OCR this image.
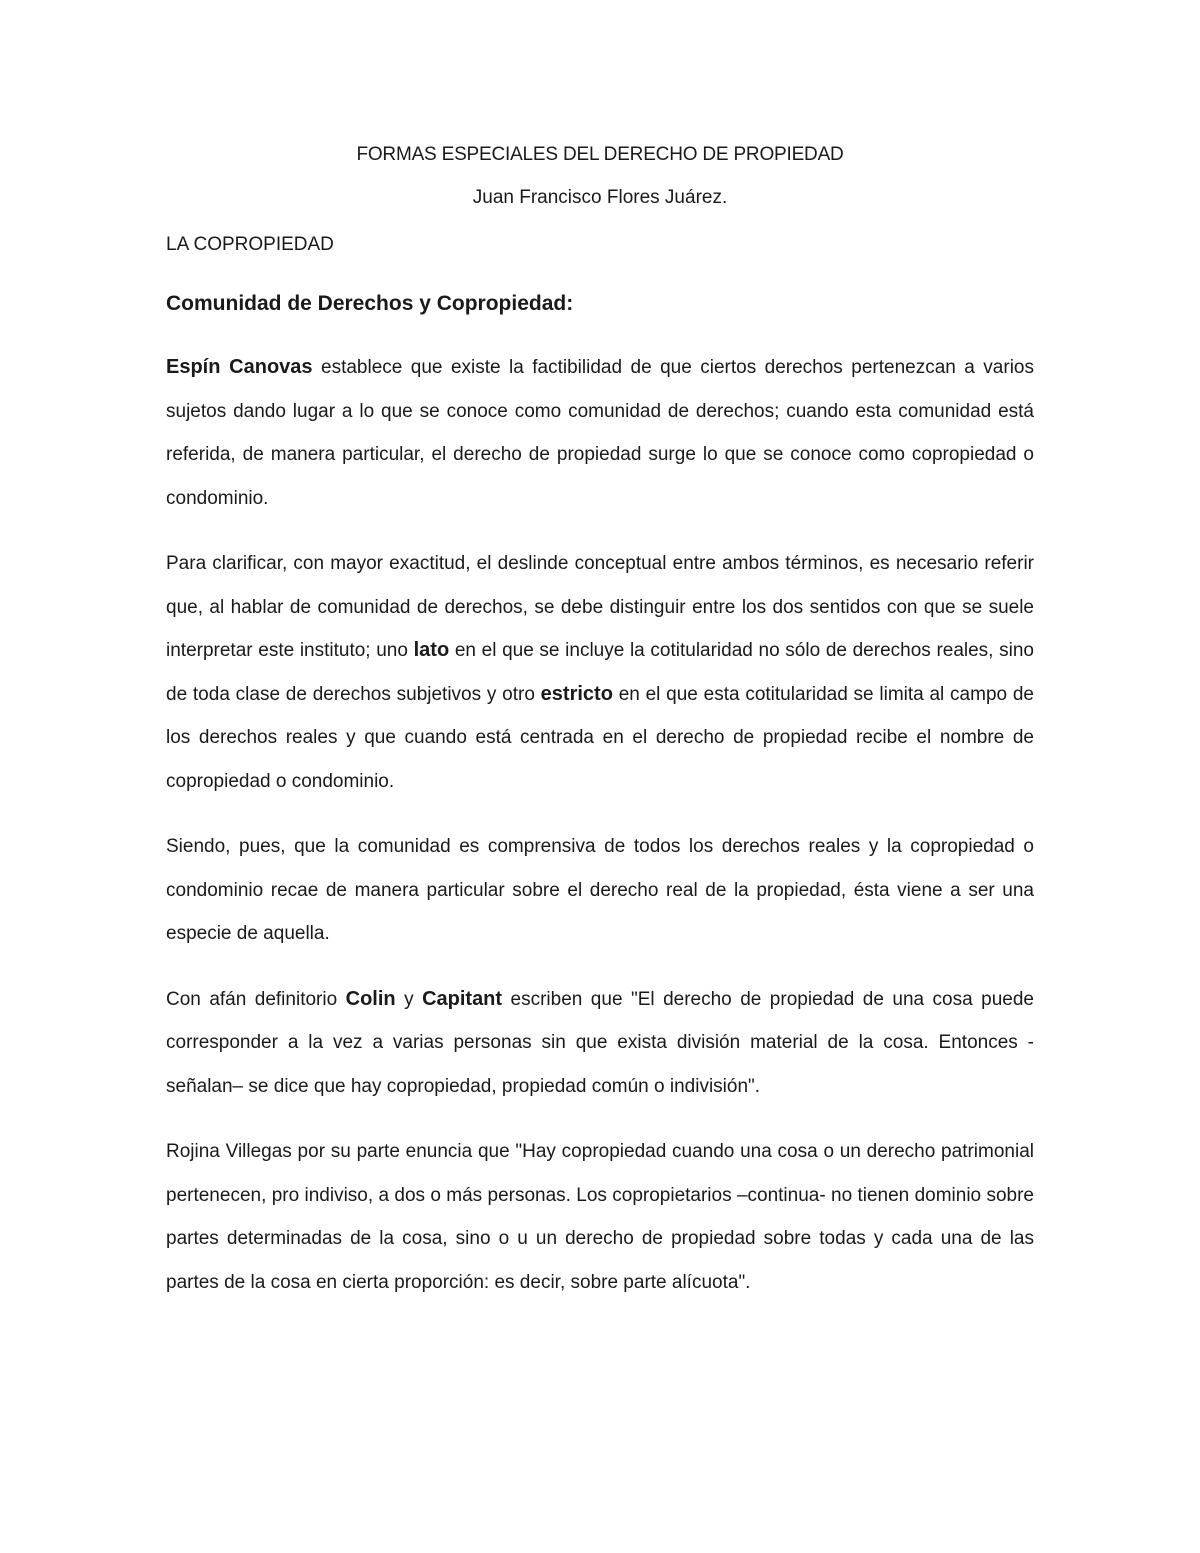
FORMAS ESPECIALES DEL DERECHO DE PROPIEDAD

Juan Francisco Flores Juárez.

LA COPROPIEDAD

Comunidad de Derechos y Copropiedad:

Espín Canovas establece que existe la factibilidad de que ciertos derechos pertenezcan a varios sujetos dando lugar a lo que se conoce como comunidad de derechos; cuando esta comunidad está referida, de manera particular, el derecho de propiedad surge lo que se conoce como copropiedad o condominio.

Para clarificar, con mayor exactitud, el deslinde conceptual entre ambos términos, es necesario referir que, al hablar de comunidad de derechos, se debe distinguir entre los dos sentidos con que se suele interpretar este instituto; uno lato en el que se incluye la cotitularidad no sólo de derechos reales, sino de toda clase de derechos subjetivos y otro estricto en el que esta cotitularidad se limita al campo de los derechos reales y que cuando está centrada en el derecho de propiedad recibe el nombre de copropiedad o condominio.

Siendo, pues, que la comunidad es comprensiva de todos los derechos reales y la copropiedad o condominio recae de manera particular sobre el derecho real de la propiedad, ésta viene a ser una especie de aquella.

Con afán definitorio Colin y Capitant escriben que "El derecho de propiedad de una cosa puede corresponder a la vez a varias personas sin que exista división material de la cosa. Entonces -señalan– se dice que hay copropiedad, propiedad común o indivisión".

Rojina Villegas por su parte enuncia que "Hay copropiedad cuando una cosa o un derecho patrimonial pertenecen, pro indiviso, a dos o más personas. Los copropietarios –continua- no tienen dominio sobre partes determinadas de la cosa, sino o u un derecho de propiedad sobre todas y cada una de las partes de la cosa en cierta proporción: es decir, sobre parte alícuota".
